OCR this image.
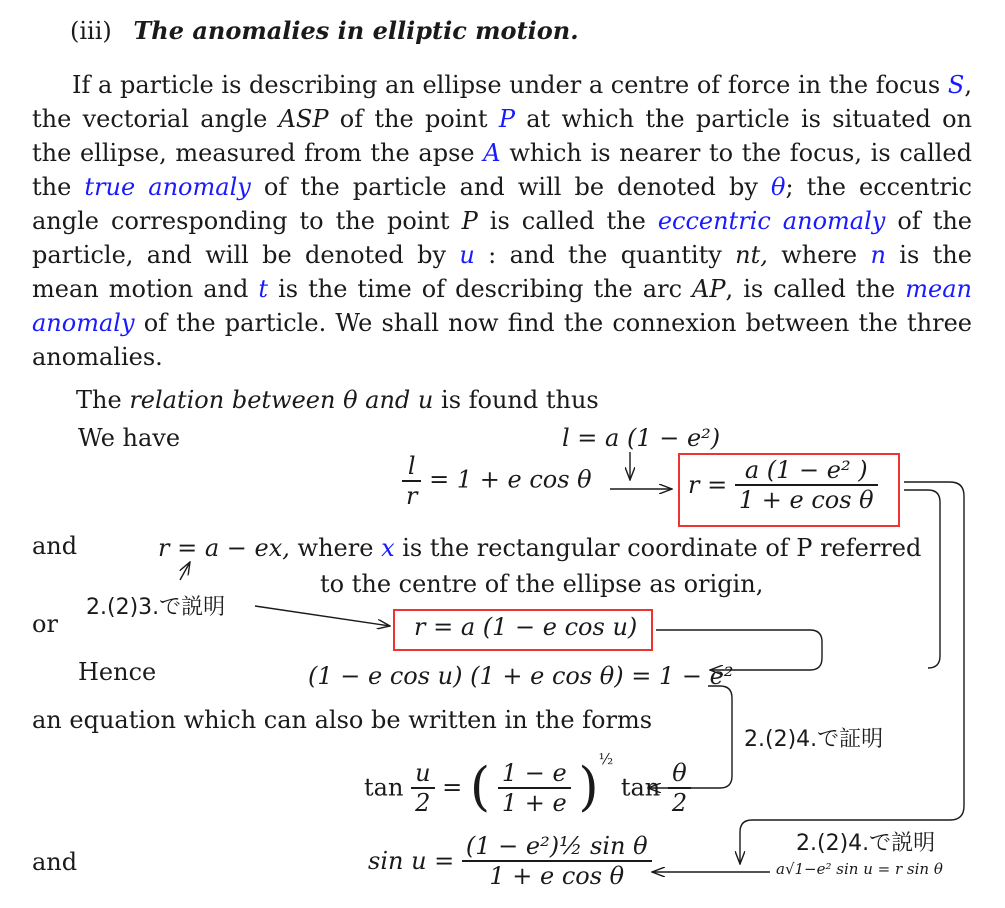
(iii) The anomalies in elliptic motion.
If a particle is describing an ellipse under a centre of force in the focus S,
the vectorial angle ASP of the point P at which the particle is situated on
the ellipse, measured from the apse A which is nearer to the focus, is called
the true anomaly of the particle and will be denoted by θ; the eccentric
angle corresponding to the point P is called the eccentric anomaly of the
particle, and will be denoted by u : and the quantity nt, where n is the
mean motion and t is the time of describing the arc AP, is called the mean
anomaly of the particle. We shall now find the connexion between the three
anomalies.
The relation between θ and u is found thus
We have	l = a (1 − e²)
$\frac{l}{r} = 1 + e$ cos θ	$r = \frac{\text{a (1 − e² )}}{\text{1 + e cos θ}}$
and	r = a − ex, where x is the rectangular coordinate of P referred
to the centre of the ellipse as origin,
2.(2)3.で説明
or	r = a (1 − e cos u)
Hence	(1 − e cos u) (1 + e cos θ) = 1 − e²
an equation which can also be written in the forms
2.(2)4.で証明
$\tan \frac{u}{2}$ = ( $\frac{1 - e}{1 + e} )^{\frac{1}{2}}$ $\tan \frac{\theta}{2}$
2.(2)4.で説明
a√1−e² sin u = r sin θ
and	$\sin u = \frac{\text{(1 − e²)½ sin θ}}{\text{1 + e cos θ}}$
